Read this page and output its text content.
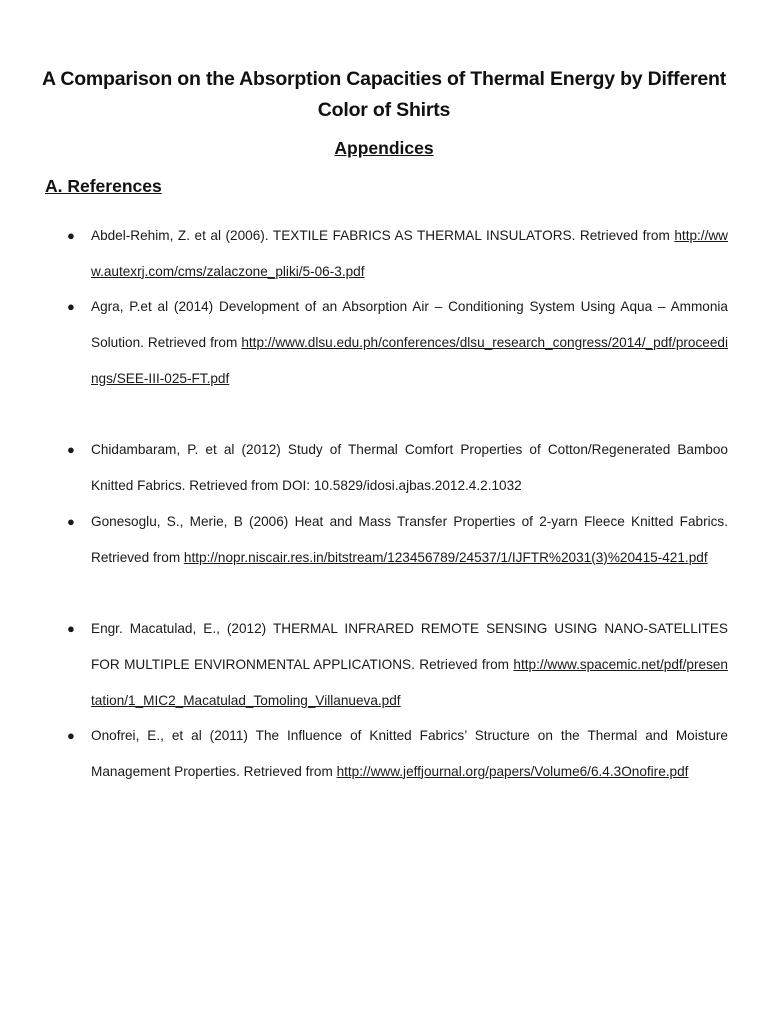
A Comparison on the Absorption Capacities of Thermal Energy by Different Color of Shirts
Appendices
A. References
● Abdel-Rehim, Z. et al (2006). TEXTILE FABRICS AS THERMAL INSULATORS. Retrieved from http://www.autexrj.com/cms/zalaczone_pliki/5-06-3.pdf
● Agra, P.et al (2014) Development of an Absorption Air – Conditioning System Using Aqua – Ammonia Solution. Retrieved from http://www.dlsu.edu.ph/conferences/dlsu_research_congress/2014/_pdf/proceedings/SEE-III-025-FT.pdf
● Chidambaram, P. et al (2012) Study of Thermal Comfort Properties of Cotton/Regenerated Bamboo Knitted Fabrics. Retrieved from DOI: 10.5829/idosi.ajbas.2012.4.2.1032
● Gonesoglu, S., Merie, B (2006) Heat and Mass Transfer Properties of 2-yarn Fleece Knitted Fabrics. Retrieved from http://nopr.niscair.res.in/bitstream/123456789/24537/1/IJFTR%2031(3)%20415-421.pdf
● Engr. Macatulad, E., (2012) THERMAL INFRARED REMOTE SENSING USING NANO-SATELLITES FOR MULTIPLE ENVIRONMENTAL APPLICATIONS. Retrieved from http://www.spacemic.net/pdf/presentation/1_MIC2_Macatulad_Tomoling_Villanueva.pdf
● Onofrei, E., et al (2011) The Influence of Knitted Fabrics’ Structure on the Thermal and Moisture Management Properties. Retrieved from http://www.jeffjournal.org/papers/Volume6/6.4.3Onofire.pdf
